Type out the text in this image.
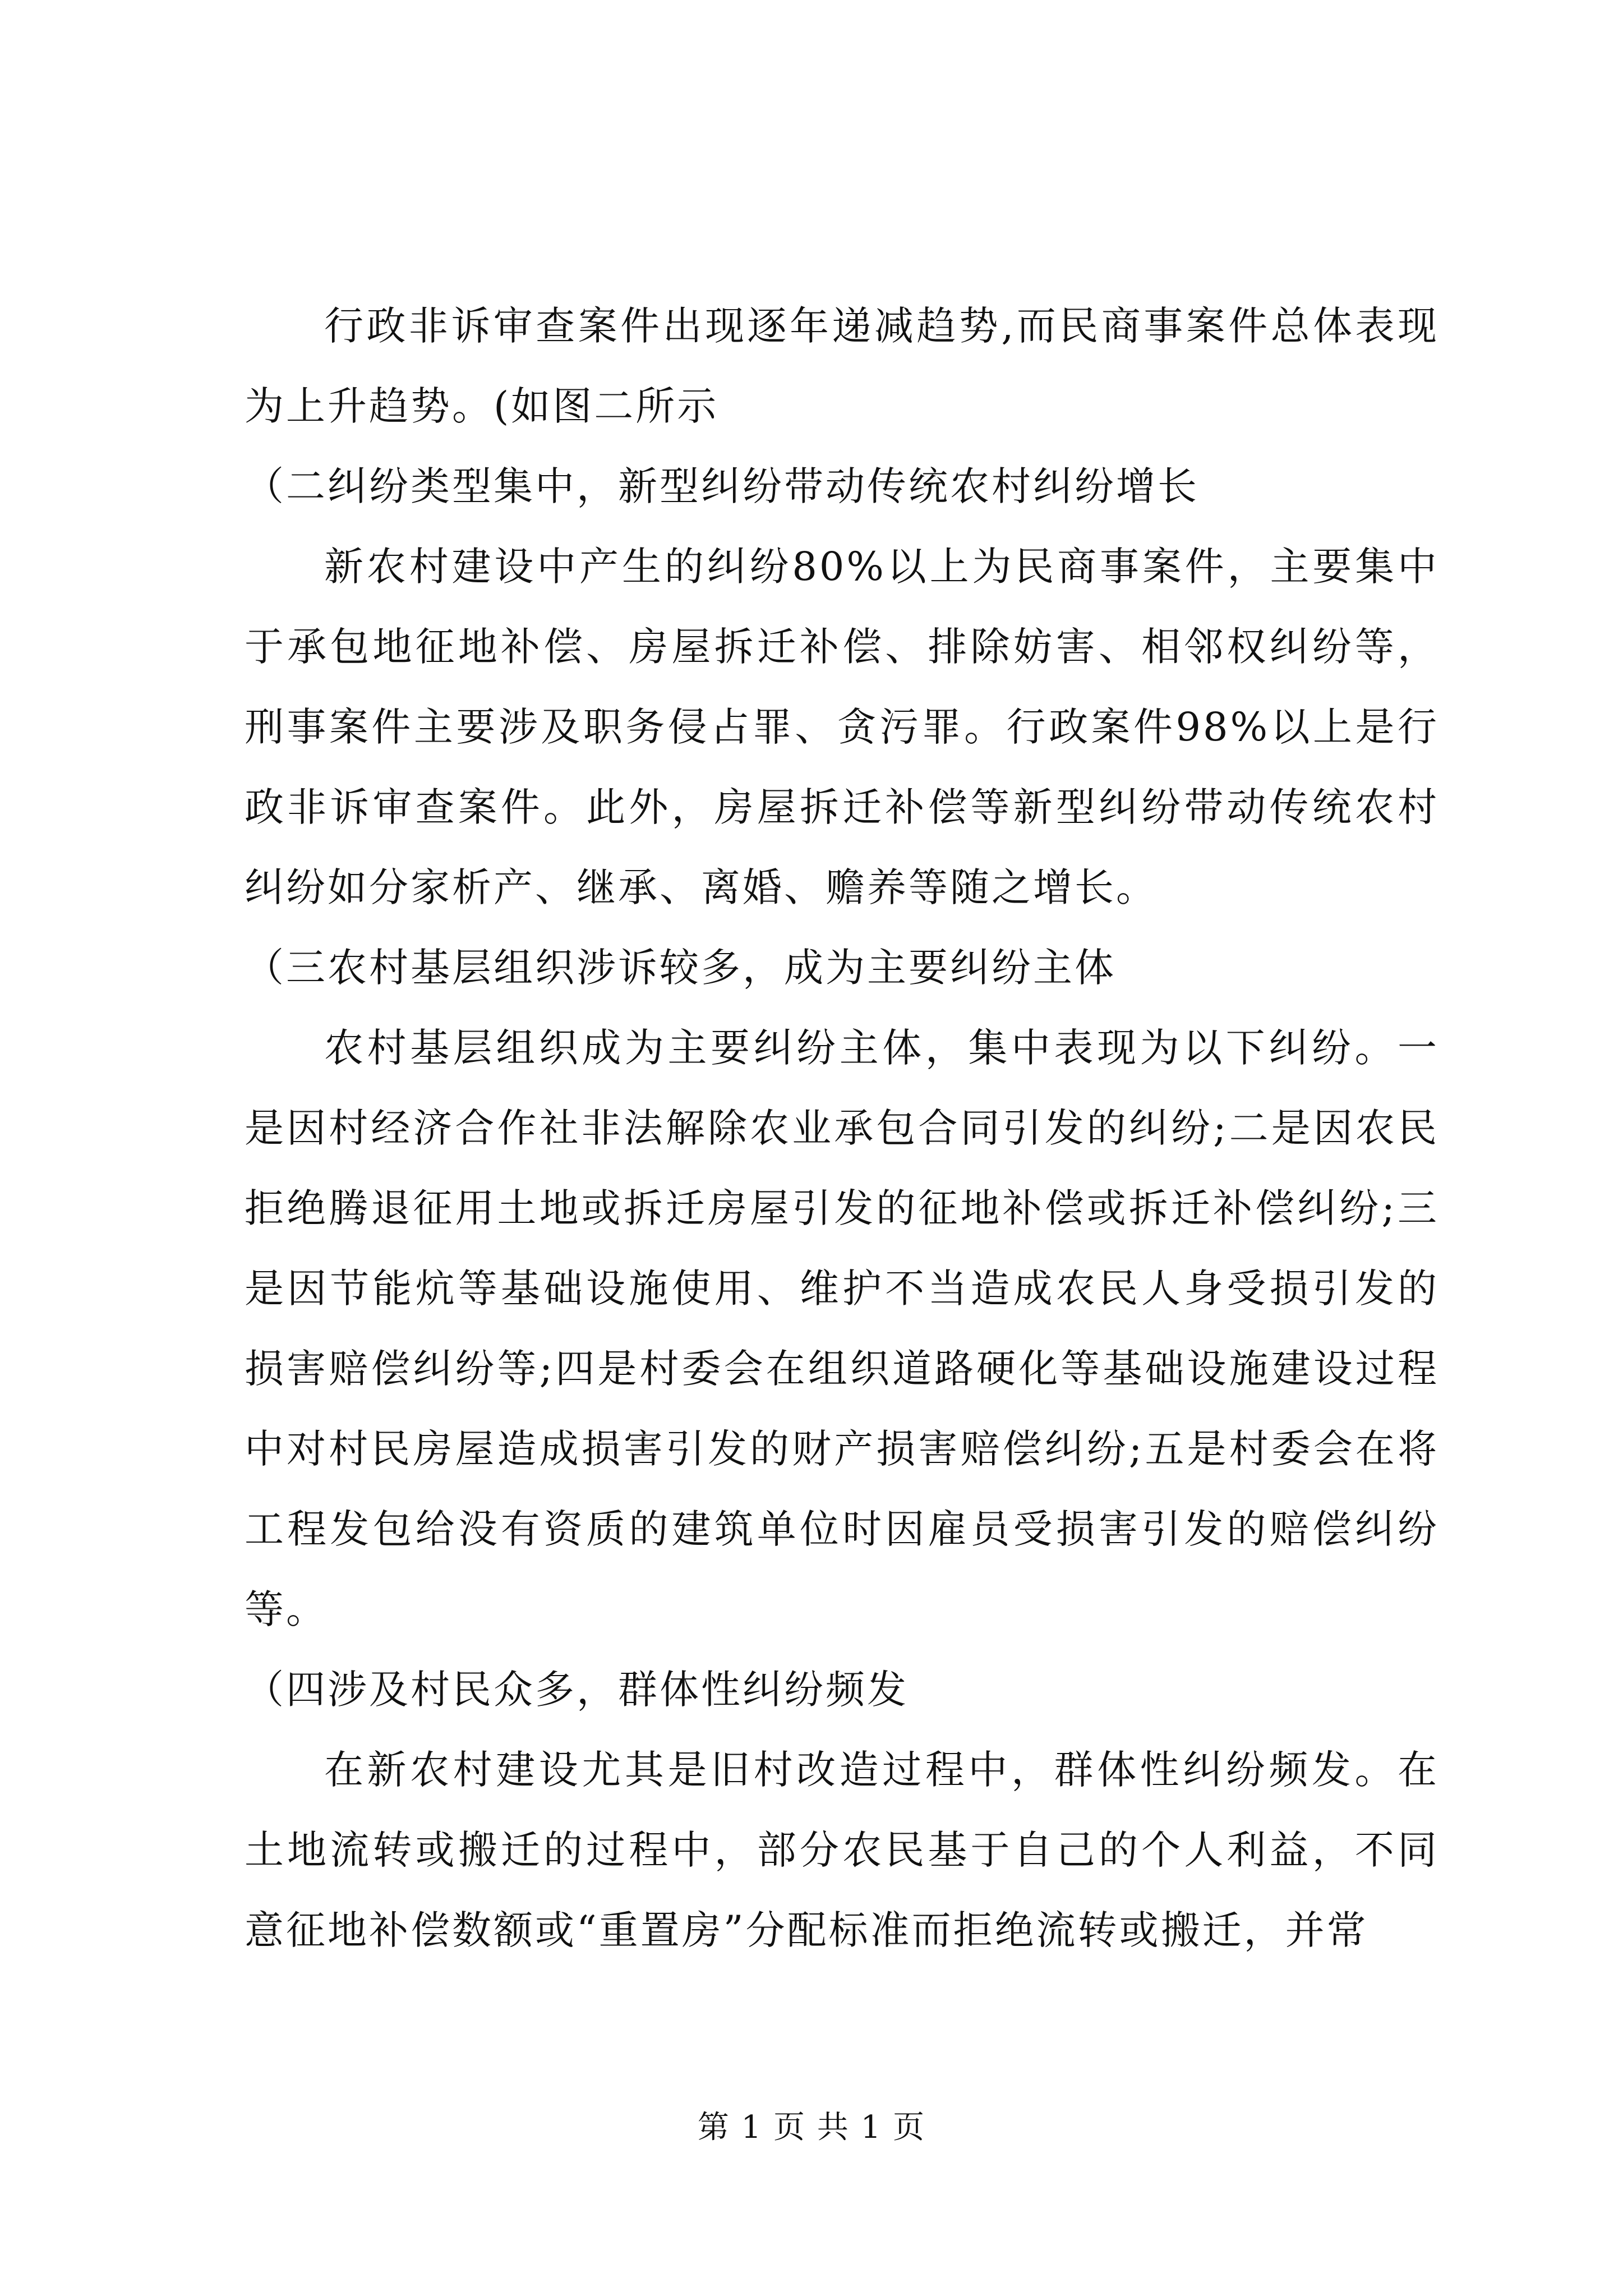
行政非诉审查案件出现逐年递减趋势,而民商事案件总体表现为上升趋势。(如图二所示

（二纠纷类型集中，新型纠纷带动传统农村纠纷增长

新农村建设中产生的纠纷80%以上为民商事案件，主要集中于承包地征地补偿、房屋拆迁补偿、排除妨害、相邻权纠纷等，刑事案件主要涉及职务侵占罪、贪污罪。行政案件98%以上是行政非诉审查案件。此外，房屋拆迁补偿等新型纠纷带动传统农村纠纷如分家析产、继承、离婚、赡养等随之增长。

（三农村基层组织涉诉较多，成为主要纠纷主体

农村基层组织成为主要纠纷主体，集中表现为以下纠纷。一是因村经济合作社非法解除农业承包合同引发的纠纷;二是因农民拒绝腾退征用土地或拆迁房屋引发的征地补偿或拆迁补偿纠纷;三是因节能炕等基础设施使用、维护不当造成农民人身受损引发的损害赔偿纠纷等;四是村委会在组织道路硬化等基础设施建设过程中对村民房屋造成损害引发的财产损害赔偿纠纷;五是村委会在将工程发包给没有资质的建筑单位时因雇员受损害引发的赔偿纠纷等。

（四涉及村民众多，群体性纠纷频发

在新农村建设尤其是旧村改造过程中，群体性纠纷频发。在土地流转或搬迁的过程中，部分农民基于自己的个人利益，不同意征地补偿数额或“重置房”分配标准而拒绝流转或搬迁，并常

第 1 页 共 1 页
